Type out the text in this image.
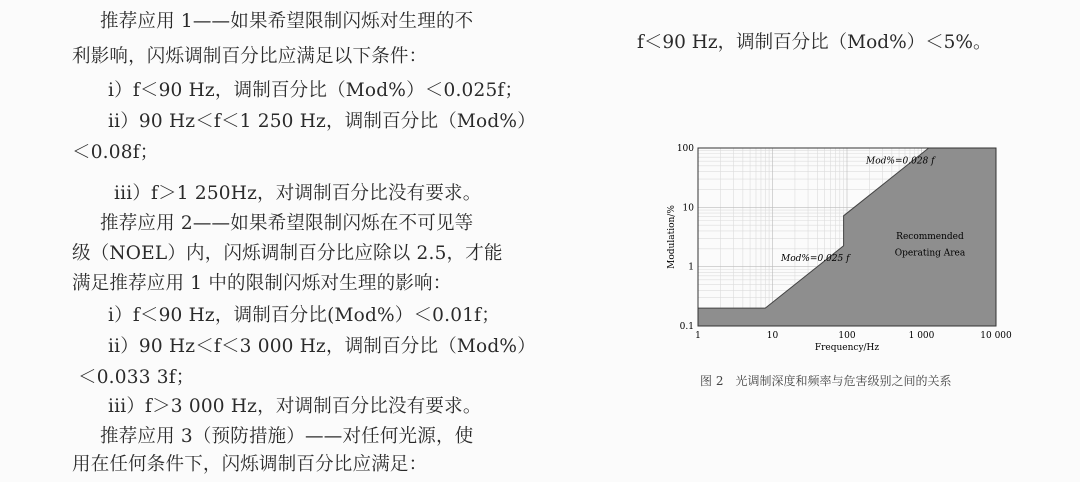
推荐应用 1——如果希望限制闪烁对生理的不
利影响，闪烁调制百分比应满足以下条件：
i）f＜90 Hz，调制百分比（Mod%）＜0.025f；
ii）90 Hz＜f＜1 250 Hz，调制百分比（Mod%）
＜0.08f；
iii）f＞1 250Hz，对调制百分比没有要求。
推荐应用 2——如果希望限制闪烁在不可见等
级（NOEL）内，闪烁调制百分比应除以 2.5，才能
满足推荐应用 1 中的限制闪烁对生理的影响：
i）f＜90 Hz，调制百分比(Mod%）＜0.01f；
ii）90 Hz＜f＜3 000 Hz，调制百分比（Mod%）
＜0.033 3f；
iii）f＞3 000 Hz，对调制百分比没有要求。
推荐应用 3（预防措施）——对任何光源，使
用在任何条件下，闪烁调制百分比应满足：
f＜90 Hz，调制百分比（Mod%）＜5%。
1	10	100	1 000	10 000
0.1
1
10
100
Frequency/Hz
Modulation/%
Mod%=0.028 f
Mod%=0.025 f
Recommended
Operating Area
图 2　光调制深度和频率与危害级别之间的关系
